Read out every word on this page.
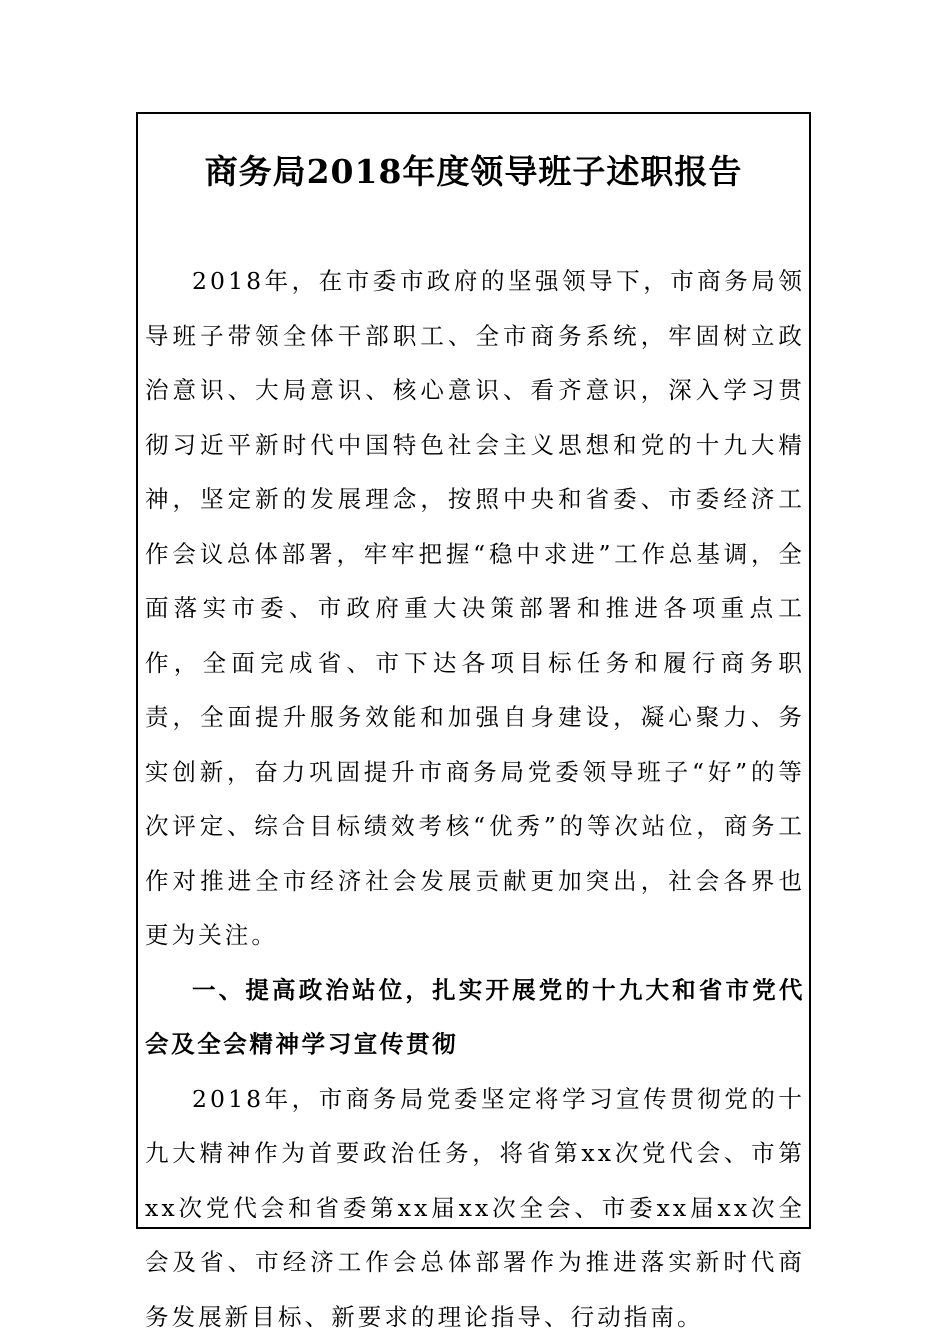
商务局2018年度领导班子述职报告

2018年，在市委市政府的坚强领导下，市商务局领导班子带领全体干部职工、全市商务系统，牢固树立政治意识、大局意识、核心意识、看齐意识，深入学习贯彻习近平新时代中国特色社会主义思想和党的十九大精神，坚定新的发展理念，按照中央和省委、市委经济工作会议总体部署，牢牢把握“稳中求进”工作总基调，全面落实市委、市政府重大决策部署和推进各项重点工作，全面完成省、市下达各项目标任务和履行商务职责，全面提升服务效能和加强自身建设，凝心聚力、务实创新，奋力巩固提升市商务局党委领导班子“好”的等次评定、综合目标绩效考核“优秀”的等次站位，商务工作对推进全市经济社会发展贡献更加突出，社会各界也更为关注。

一、提高政治站位，扎实开展党的十九大和省市党代会及全会精神学习宣传贯彻

2018年，市商务局党委坚定将学习宣传贯彻党的十九大精神作为首要政治任务，将省第xx次党代会、市第xx次党代会和省委第xx届xx次全会、市委xx届xx次全会及省、市经济工作会总体部署作为推进落实新时代商务发展新目标、新要求的理论指导、行动指南。
